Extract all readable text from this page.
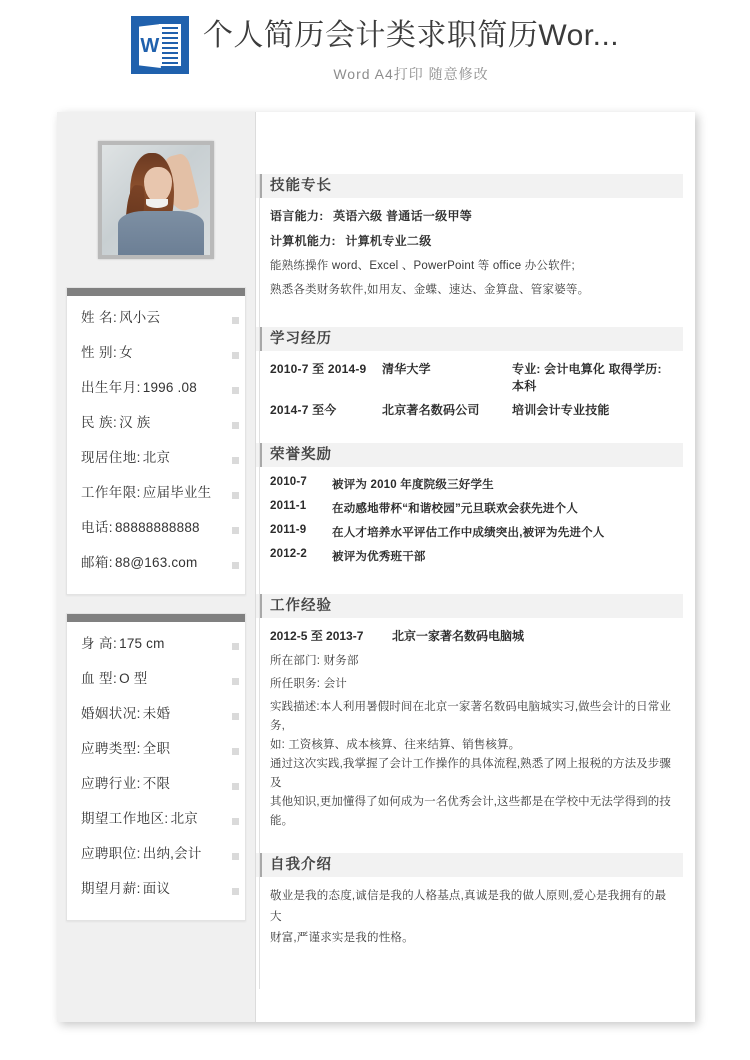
W 个人简历会计类求职简历Wor...
Word A4打印 随意修改
姓 名: 风小云
性 别: 女
出生年月: 1996 .08
民 族: 汉 族
现居住地: 北京
工作年限: 应届毕业生
电话: 88888888888
邮箱: 88@163.com
身 高: 175 cm
血 型: O 型
婚姻状况: 未婚
应聘类型: 全职
应聘行业: 不限
期望工作地区: 北京
应聘职位: 出纳,会计
期望月薪: 面议
技能专长
语言能力: 英语六级 普通话一级甲等
计算机能力: 计算机专业二级
能熟练操作 word、Excel 、PowerPoint 等 office 办公软件;
熟悉各类财务软件,如用友、金蝶、速达、金算盘、管家婆等。
学习经历
2010-7 至 2014-9	清华大学	专业: 会计电算化 取得学历: 本科
2014-7 至今	北京著名数码公司	培训会计专业技能
荣誉奖励
2010-7	被评为 2010 年度院级三好学生
2011-1	在动感地带杯“和谐校园”元旦联欢会获先进个人
2011-9	在人才培养水平评估工作中成绩突出,被评为先进个人
2012-2	被评为优秀班干部
工作经验
2012-5 至 2013-7	北京一家著名数码电脑城
所在部门: 财务部
所任职务: 会计
实践描述:本人利用暑假时间在北京一家著名数码电脑城实习,做些会计的日常业务,
如: 工资核算、成本核算、往来结算、销售核算。
通过这次实践,我掌握了会计工作操作的具体流程,熟悉了网上报税的方法及步骤及
其他知识,更加懂得了如何成为一名优秀会计,这些都是在学校中无法学得到的技能。
自我介绍
敬业是我的态度,诚信是我的人格基点,真诚是我的做人原则,爱心是我拥有的最大
财富,严谨求实是我的性格。
